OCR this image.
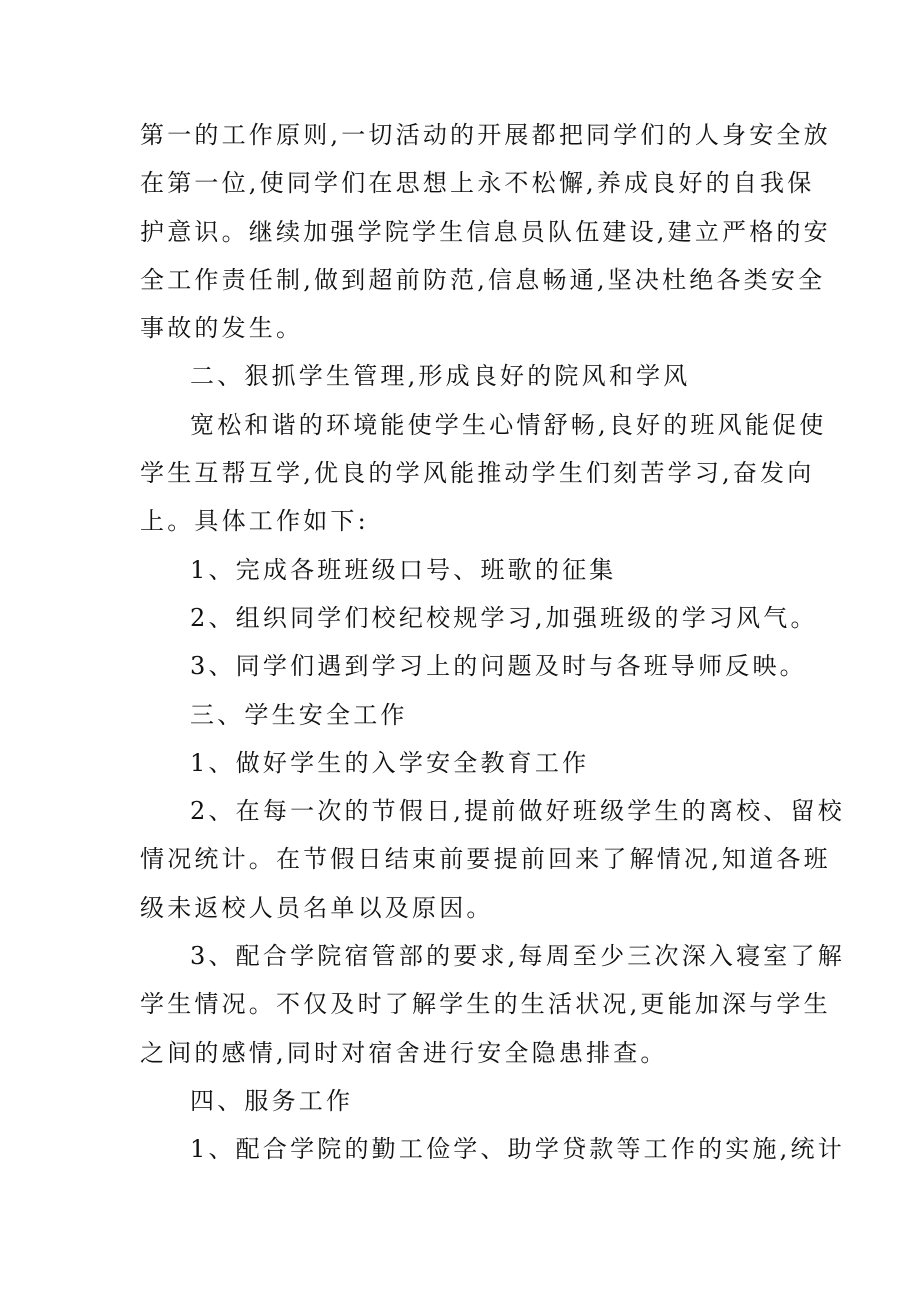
第一的工作原则,一切活动的开展都把同学们的人身安全放
在第一位,使同学们在思想上永不松懈,养成良好的自我保
护意识。继续加强学院学生信息员队伍建设,建立严格的安
全工作责任制,做到超前防范,信息畅通,坚决杜绝各类安全
事故的发生。
二、狠抓学生管理,形成良好的院风和学风
宽松和谐的环境能使学生心情舒畅,良好的班风能促使
学生互帮互学,优良的学风能推动学生们刻苦学习,奋发向
上。具体工作如下:
1、完成各班班级口号、班歌的征集
2、组织同学们校纪校规学习,加强班级的学习风气。
3、同学们遇到学习上的问题及时与各班导师反映。
三、学生安全工作
1、做好学生的入学安全教育工作
2、在每一次的节假日,提前做好班级学生的离校、留校
情况统计。在节假日结束前要提前回来了解情况,知道各班
级未返校人员名单以及原因。
3、配合学院宿管部的要求,每周至少三次深入寝室了解
学生情况。不仅及时了解学生的生活状况,更能加深与学生
之间的感情,同时对宿舍进行安全隐患排查。
四、服务工作
1、配合学院的勤工俭学、助学贷款等工作的实施,统计
